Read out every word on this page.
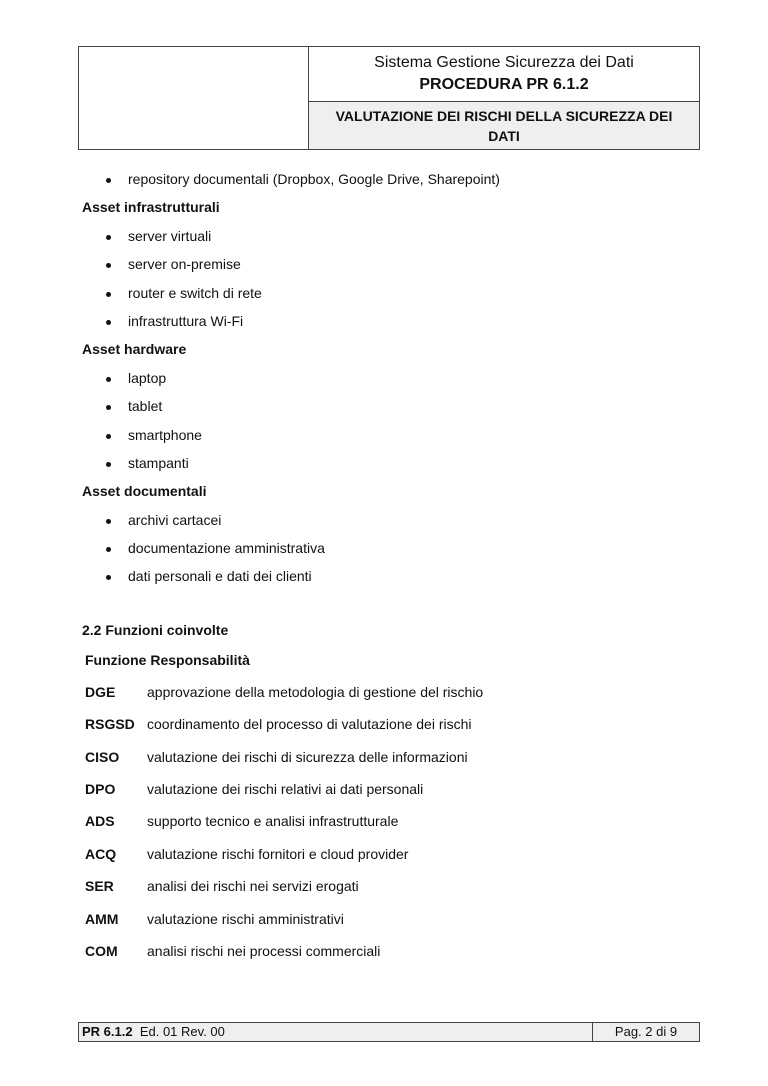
Sistema Gestione Sicurezza dei Dati
PROCEDURA PR 6.1.2
VALUTAZIONE DEI RISCHI DELLA SICUREZZA DEI DATI
repository documentali (Dropbox, Google Drive, Sharepoint)
Asset infrastrutturali
server virtuali
server on-premise
router e switch di rete
infrastruttura Wi-Fi
Asset hardware
laptop
tablet
smartphone
stampanti
Asset documentali
archivi cartacei
documentazione amministrativa
dati personali e dati dei clienti
2.2 Funzioni coinvolte
Funzione Responsabilità
DGE	approvazione della metodologia di gestione del rischio
RSGSD coordinamento del processo di valutazione dei rischi
CISO	valutazione dei rischi di sicurezza delle informazioni
DPO	valutazione dei rischi relativi ai dati personali
ADS	supporto tecnico e analisi infrastrutturale
ACQ	valutazione rischi fornitori e cloud provider
SER	analisi dei rischi nei servizi erogati
AMM	valutazione rischi amministrativi
COM	analisi rischi nei processi commerciali
PR 6.1.2 Ed. 01 Rev. 00	Pag. 2 di 9
